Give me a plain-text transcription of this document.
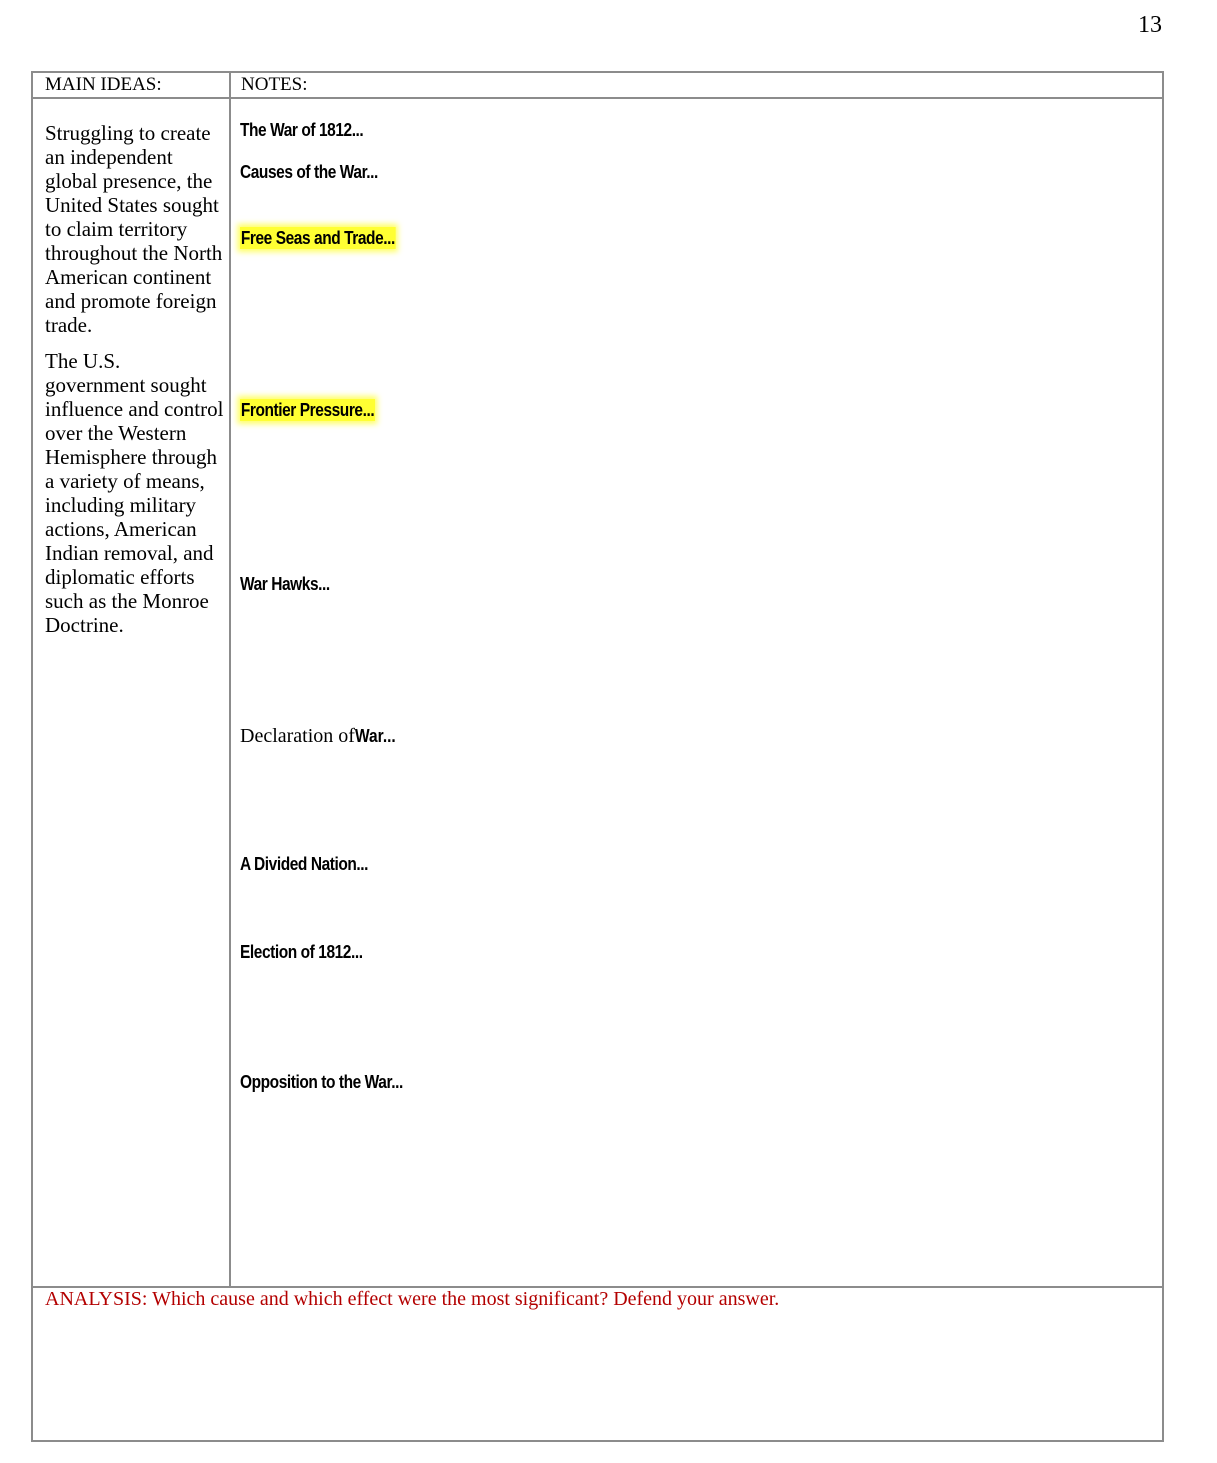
13
MAIN IDEAS:	NOTES:

Struggling to create an independent global presence, the United States sought to claim territory throughout the North American continent and promote foreign trade.

The U.S. government sought influence and control over the Western Hemisphere through a variety of means, including military actions, American Indian removal, and diplomatic efforts such as the Monroe Doctrine.

The War of 1812...
Causes of the War...
Free Seas and Trade...
Frontier Pressure...
War Hawks...
Declaration ofWar...
A Divided Nation...
Election of 1812...
Opposition to the War...
ANALYSIS: Which cause and which effect were the most significant? Defend your answer.
